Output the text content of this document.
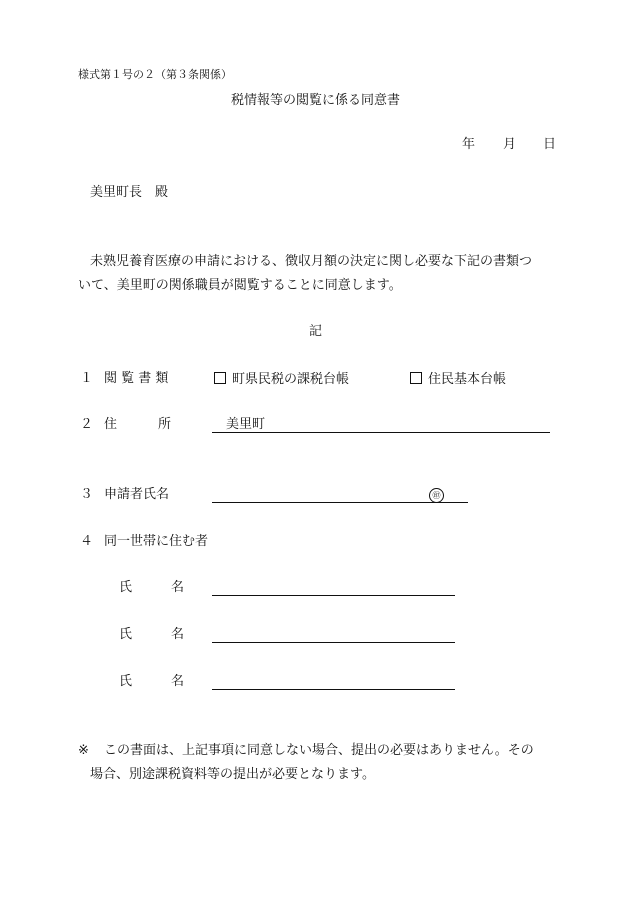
様式第１号の２（第３条関係）
税情報等の閲覧に係る同意書
年 月 日
美里町長　殿
未熟児養育医療の申請における、徴収月額の決定に関し必要な下記の書類つ
いて、美里町の関係職員が閲覧することに同意します。
記
１ 閲 覧 書 類	町県民税の課税台帳	住民基本台帳
２ 住	所	美里町
３ 申請者氏名	㊞
４ 同一世帯に住む者
氏	名
氏	名
氏	名
※ この書面は、上記事項に同意しない場合、提出の必要はありません。その
場合、別途課税資料等の提出が必要となります。
